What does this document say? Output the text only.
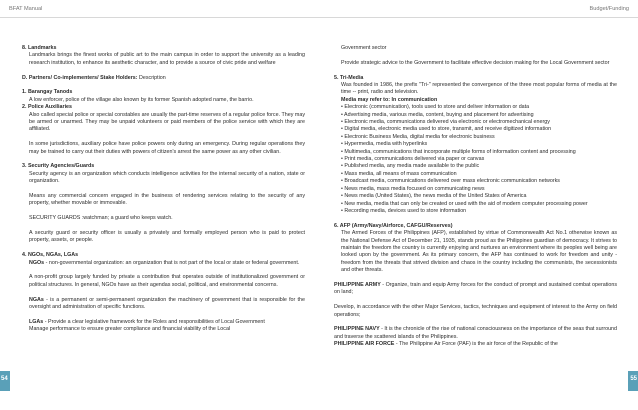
BFAT Manual	Budget/Funding
8. Landmarks
Landmarks brings the finest works of public art to the main campus in order to support the university as a leading research institution, to enhance its aesthetic character, and to provide a source of civic pride and welfare
D. Partners/ Co-implementers/ Stake Holders: Description
1. Barangay Tanods
A low enforcer, police of the village also known by its former Spanish adopted name, the barrio.
2. Police Auxiliaries
Also called special police or special constables are usually the part-time reserves of a regular police force. They may be armed or unarmed. They may be unpaid volunteers or paid members of the police service with which they are affiliated.
In some jurisdictions, auxiliary police have police powers only during an emergency. During regular operations they may be trained to carry out their duties with powers of citizen's arrest the same power as any other civilian.
3. Security Agencies/Guards
Security agency is an organization which conducts intelligence activities for the internal security of a nation, state or organization.
Means any commercial concern engaged in the business of rendering services relating to the security of any property, whether movable or immovable.
SECURITY GUARDS :watchman; a guard who keeps watch.
A security guard or security officer is usually a privately and formally employed person who is paid to protect property, assets, or people.
4. NGOs, NGAs, LGAs
NGOs - non-governmental organization: an organization that is not part of the local or state or federal government.
A non-profit group largely funded by private a contribution that operates outside of institutionalized government or political structures. In general, NGOs have as their agendas social, political, and environmental concerns.
NGAs - is a permanent or semi-permanent organization the machinery of government that is responsible for the oversight and administration of specific functions.
LGAs - Provide a clear legislative framework for the Roles and responsibilities of Local Government
Manage performance to ensure greater compliance and financial viability of the Local
Government sector
Provide strategic advice to the Government to facilitate effective decision making for the Local Government sector
5. Tri-Media
Was founded in 1986, the prefix "Tri-" represented the convergence of the three most popular forms of media at the time -- print, radio and television.
Media may refer to: In communication
• Electronic (communication), tools used to store and deliver information or data
• Advertising media, various media, content, buying and placement for advertising
• Electronic media, communications delivered via electronic or electromechanical energy
• Digital media, electronic media used to store, transmit, and receive digitized information
• Electronic Business Media, digital media for electronic business
• Hypermedia, media with hyperlinks
• Multimedia, communications that incorporate multiple forms of information content and processing
• Print media, communications delivered via paper or canvas
• Published media, any media made available to the public
• Mass media, all means of mass communication
• Broadcast media, communications delivered over mass electronic communication networks
• News media, mass media focused on communicating news
• News media (United States), the news media of the United States of America
• New media, media that can only be created or used with the aid of modern computer processing power
• Recording media, devices used to store information
6. AFP (Army/Navy/Airforce, CAFGU/Reserves)
The Armed Forces of the Philippines (AFP), established by virtue of Commonwealth Act No.1 otherwise known as the National Defense Act of December 21, 1935, stands proud as the Philippines guardian of democracy. It strives to maintain the freedom the country is currently enjoying and nurtures an environment where its peoples well being are looked upon by the government. As its primary concern, the AFP has continued to work for freedom and unity - freedom from the threats that strived division and chaos in the country including the communists, the secessionists and other threats.
PHILIPPINE ARMY - Organize, train and equip Army forces for the conduct of prompt and sustained combat operations on land;
Develop, in accordance with the other Major Services, tactics, techniques and equipment of interest to the Army on field operations;
PHILIPPINE NAVY - It is the chronicle of the rise of national consciousness on the importance of the seas that surround and traverse the scattered islands of the Philippines.
PHILIPPINE AIR FORCE - The Philippine Air Force (PAF) is the air force of the Republic of the
54	55
